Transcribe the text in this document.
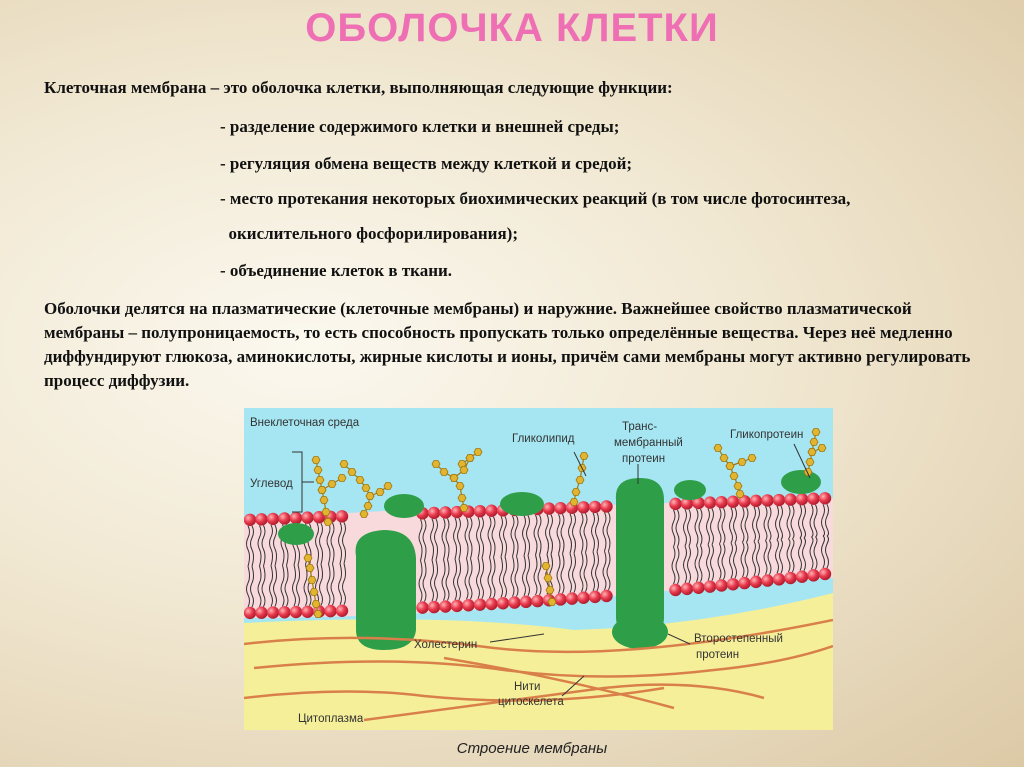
ОБОЛОЧКА КЛЕТКИ

Клеточная мембрана – это оболочка клетки, выполняющая следующие функции:

- разделение содержимого клетки и внешней среды;
- регуляция обмена веществ между клеткой и средой;
- место протекания некоторых биохимических реакций (в том числе фотосинтеза,
окислительного фосфорилирования);
- объединение клеток в ткани.

Оболочки делятся на плазматические (клеточные мембраны) и наружние. Важнейшее свойство плазматической мембраны – полупроницаемость, то есть способность пропускать только определённые вещества. Через неё медленно диффундируют глюкоза, аминокислоты, жирные кислоты и ионы, причём сами мембраны могут активно регулировать процесс диффузии.

Внеклеточная среда
Углевод
Гликолипид
Транс-
мембранный
протеин
Гликопротеин
Холестерин	Второстепенный
протеин
Нити
цитоскелета
Цитоплазма
Строение мембраны
